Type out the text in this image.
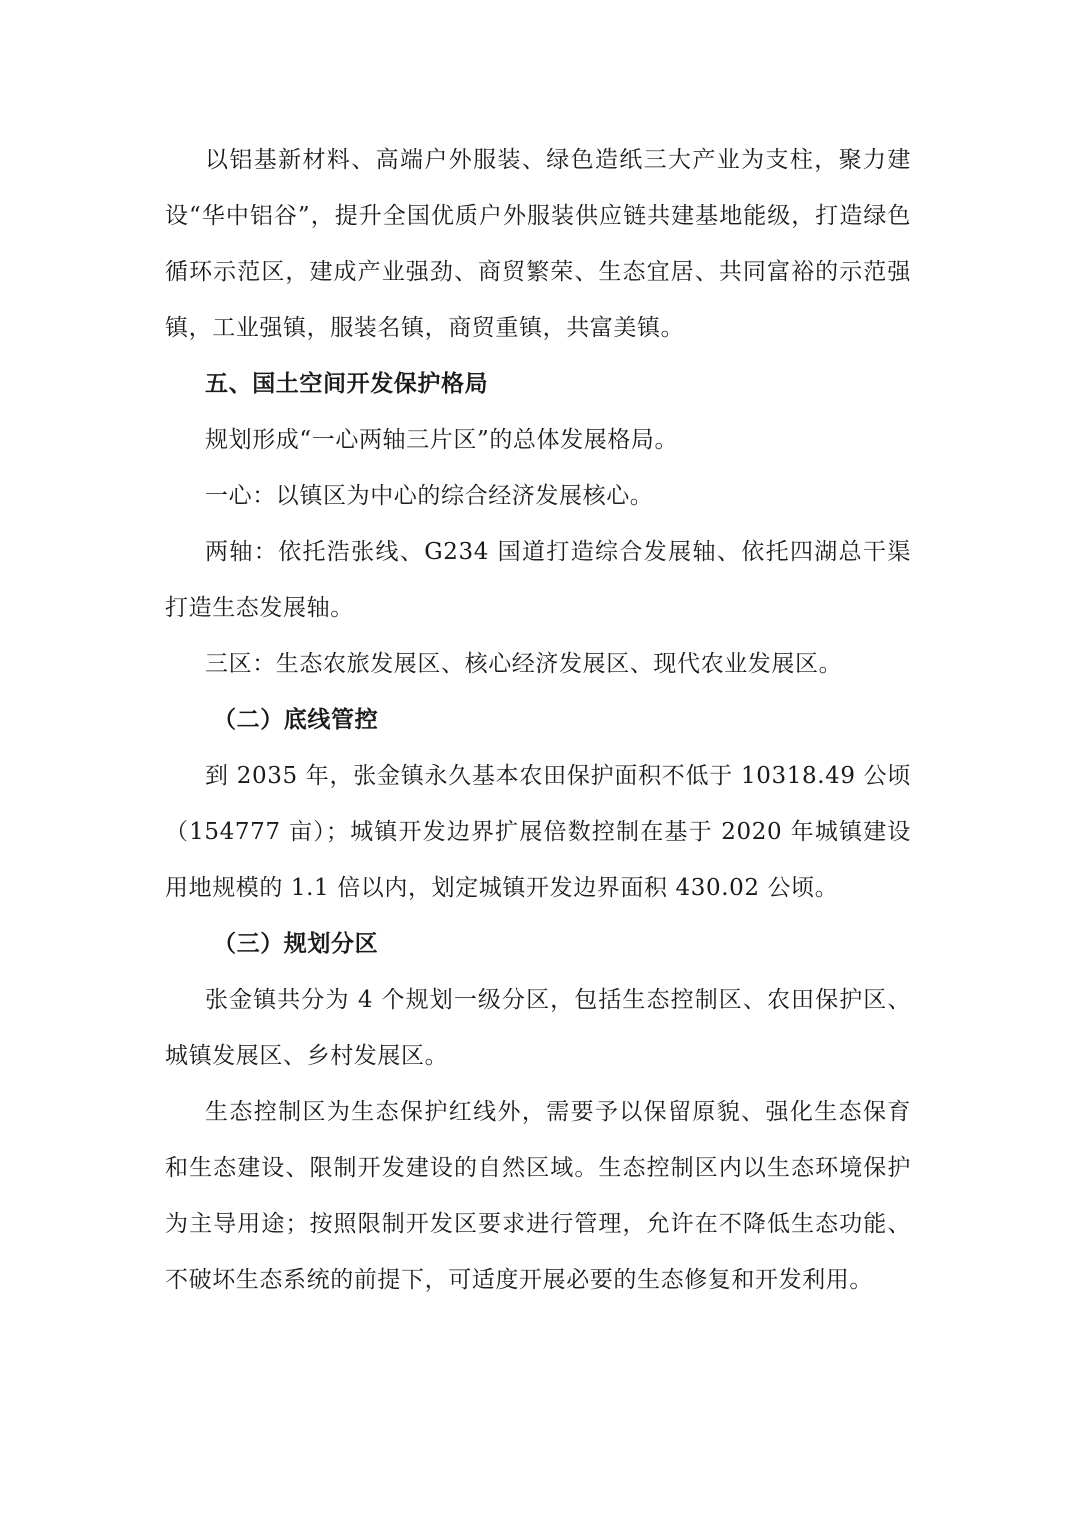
以铝基新材料、高端户外服装、绿色造纸三大产业为支柱，聚力建设“华中铝谷”，提升全国优质户外服装供应链共建基地能级，打造绿色循环示范区，建成产业强劲、商贸繁荣、生态宜居、共同富裕的示范强镇，工业强镇，服装名镇，商贸重镇，共富美镇。

五、国土空间开发保护格局

规划形成“一心两轴三片区”的总体发展格局。

一心：以镇区为中心的综合经济发展核心。

两轴：依托浩张线、G234 国道打造综合发展轴、依托四湖总干渠打造生态发展轴。

三区：生态农旅发展区、核心经济发展区、现代农业发展区。

（二）底线管控

到 2035 年，张金镇永久基本农田保护面积不低于 10318.49 公顷（154777 亩）；城镇开发边界扩展倍数控制在基于 2020 年城镇建设用地规模的 1.1 倍以内，划定城镇开发边界面积 430.02 公顷。

（三）规划分区

张金镇共分为 4 个规划一级分区，包括生态控制区、农田保护区、城镇发展区、乡村发展区。

生态控制区为生态保护红线外，需要予以保留原貌、强化生态保育和生态建设、限制开发建设的自然区域。生态控制区内以生态环境保护为主导用途；按照限制开发区要求进行管理，允许在不降低生态功能、不破坏生态系统的前提下，可适度开展必要的生态修复和开发利用。
